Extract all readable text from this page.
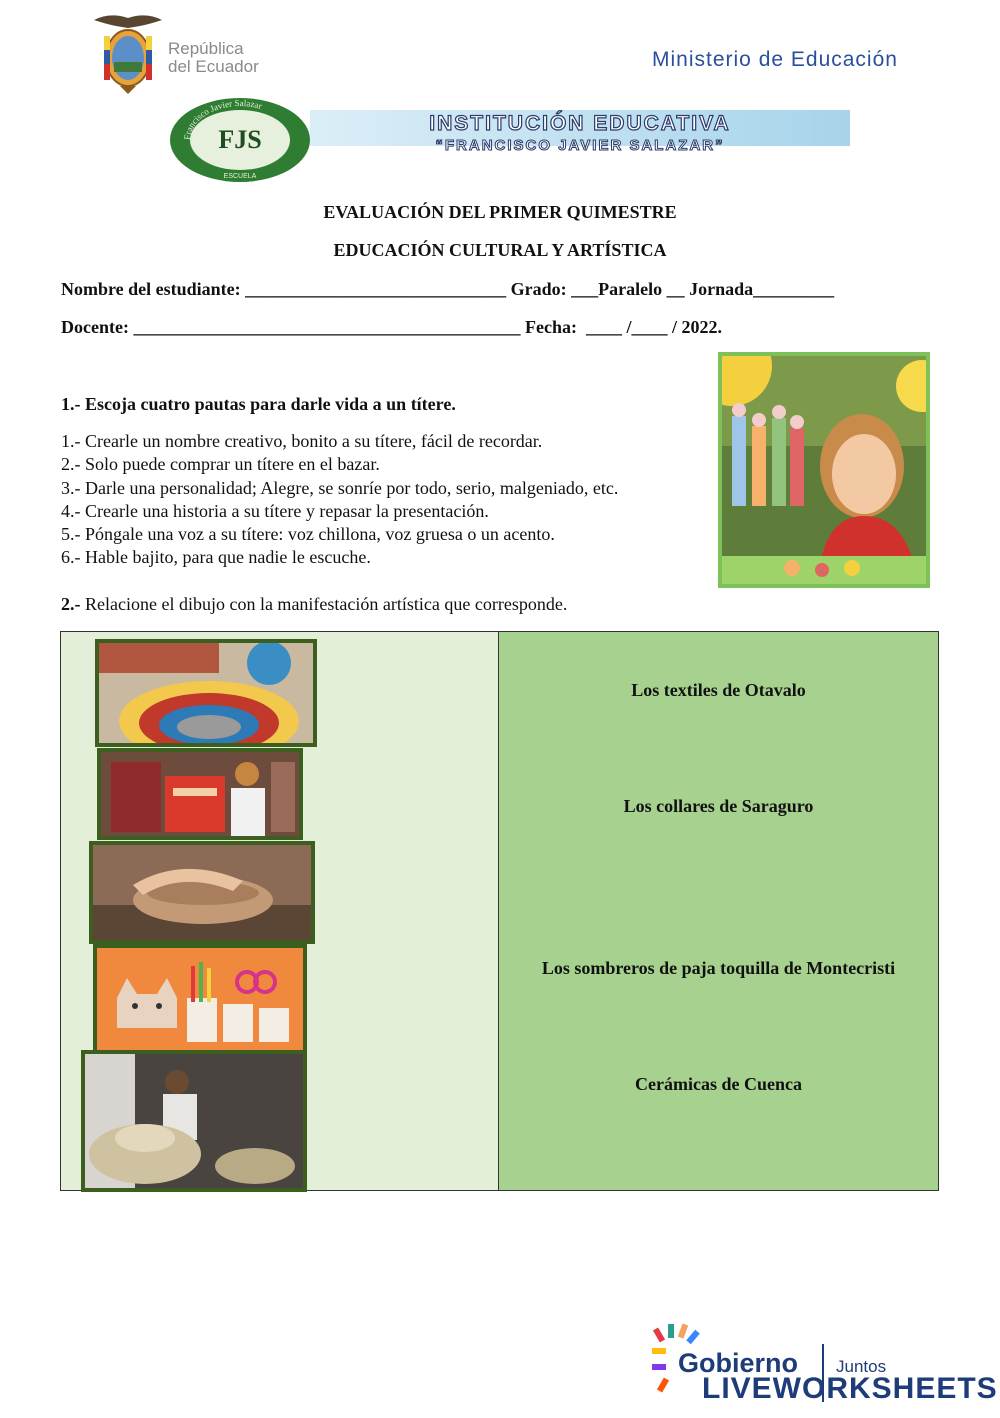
República
del Ecuador	Ministerio de Educación
Francisco Javier Salazar
FJS
ESCUELA
INSTITUCIÓN EDUCATIVA
“FRANCISCO JAVIER SALAZAR”
EVALUACIÓN DEL PRIMER QUIMESTRE
EDUCACIÓN CULTURAL Y ARTÍSTICA
Nombre del estudiante: _____________________________ Grado: ___Paralelo __ Jornada_________
Docente: ___________________________________________ Fecha:  ____ /____ / 2022.
1.- Escoja cuatro pautas para darle vida a un títere.
1.- Crearle un nombre creativo, bonito a su títere, fácil de recordar.
2.- Solo puede comprar un títere en el bazar.
3.- Darle una personalidad; Alegre, se sonríe por todo, serio, malgeniado, etc.
4.- Crearle una historia a su títere y repasar la presentación.
5.- Póngale una voz a su títere: voz chillona, voz gruesa o un acento.
6.- Hable bajito, para que nadie le escuche.
2.- Relacione el dibujo con la manifestación artística que corresponde.
Los textiles de Otavalo
Los collares de Saraguro
Los sombreros de paja toquilla de Montecristi
Cerámicas de Cuenca
Gobierno Juntos
LIVEWORKSHEETS
